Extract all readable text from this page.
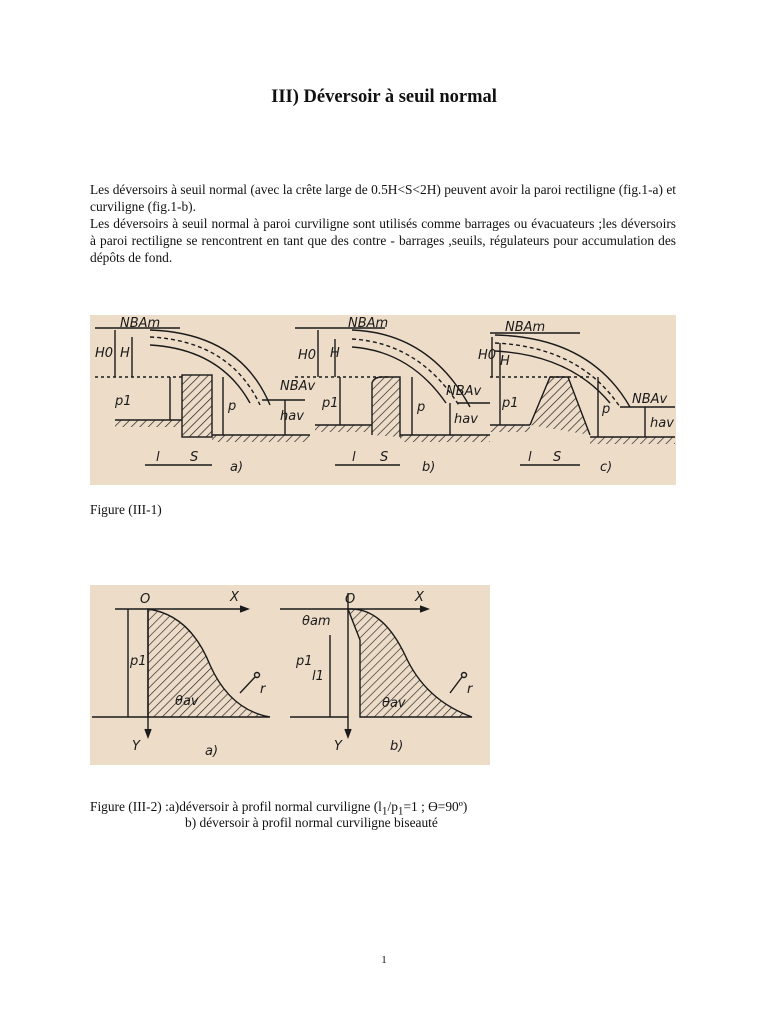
III) Déversoir à seuil normal
Les déversoirs à seuil normal (avec la crête large de 0.5H<S<2H) peuvent avoir la paroi rectiligne (fig.1-a) et curviligne (fig.1-b).
Les déversoirs à seuil normal à paroi curviligne sont utilisés comme barrages ou évacuateurs ;les déversoirs à paroi rectiligne se rencontrent en tant que des contre - barrages ,seuils, régulateurs pour accumulation des dépôts de fond.
NBAm
H0 H
p1	p
NBAv
hav
l S
a)
NBAm
H0 H
p1	p
NBAv
hav
l S
b)
NBAm
H0 H
p1	p
NBAv
hav
l S
c)
Figure (III-1)
O	X
Y
p1
θav
r
a)
O	X
Y
θam
p1
l1
θav
r
b)
Figure (III-2) :a)déversoir à profil normal curviligne ($l_1/p_1=1$ ; ϴ=90º)
b) déversoir à profil normal curviligne biseauté
1
